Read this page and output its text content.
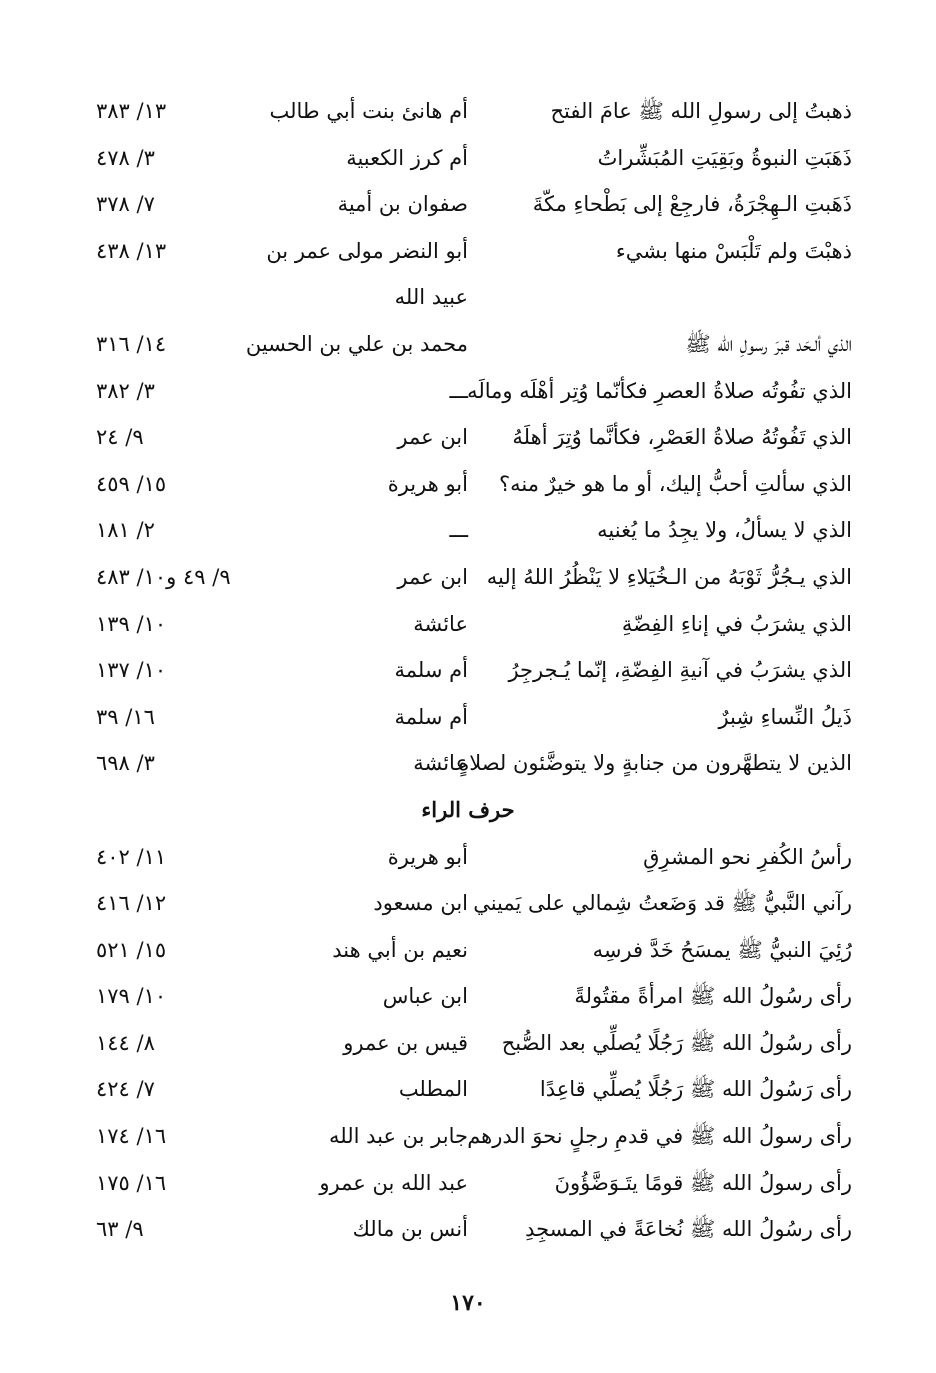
ذهبتُ إلى رسولِ الله ﷺ عامَ الفتح
أم هانئ بنت أبي طالب
١٣/ ٣٨٣
ذَهَبَتِ النبوةُ وبَقِيَتِ المُبَشِّراتُ
أم كرز الكعبية
٣/ ٤٧٨
ذَهَبتِ الـهِجْرَةُ، فارجِعْ إلى بَطْحاءِ مكّةَ
صفوان بن أمية
٧/ ٣٧٨
ذهبْتَ ولم تَلْبَسْ منها بشيء
أبو النضر مولى عمر بن
١٣/ ٤٣٨
عبيد الله
الذي ألـحَد قبرَ رسولِ الله ﷺ
محمد بن علي بن الحسين
١٤/ ٣١٦
الذي تفُوتُه صلاةُ العصرِ فكأنّما وُتِر أهْلَه ومالَه
ـــ
٣/ ٣٨٢
الذي تَفُوتُهُ صلاةُ العَصْرِ، فكأنَّما وُتِرَ أهلَهُ
ابن عمر
٩/ ٢٤
الذي سألتِ أحبُّ إليك، أو ما هو خيرٌ منه؟
أبو هريرة
١٥/ ٤٥٩
الذي لا يسألُ، ولا يجِدُ ما يُغنيه
ـــ
٢/ ١٨١
الذي يـجُرُّ ثَوْبَهُ من الـخُيَلاءِ لا يَنْظُرُ اللهُ إليه
ابن عمر
٩/ ٤٩ و١٠/ ٤٨٣
الذي يشرَبُ في إناءِ الفِضّةِ
عائشة
١٠/ ١٣٩
الذي يشرَبُ في آنيةِ الفِضّةِ، إنّما يُـجرجِرُ
أم سلمة
١٠/ ١٣٧
ذَيلُ النِّساءِ شِبرٌ
أم سلمة
١٦/ ٣٩
الذين لا يتطهَّرون من جنابةٍ ولا يتوضَّئون لصلاةٍ
عائشة
٣/ ٦٩٨
حرف الراء
رأسُ الكُفرِ نحو المشرِقِ
أبو هريرة
١١/ ٤٠٢
رآني النَّبيُّ ﷺ قد وَضَعتُ شِمالي على يَميني
ابن مسعود
١٢/ ٤١٦
رُئِيَ النبيُّ ﷺ يمسَحُ خَدَّ فرسِه
نعيم بن أبي هند
١٥/ ٥٢١
رأى رسُولُ الله ﷺ امرأةً مقتُولةً
ابن عباس
١٠/ ١٧٩
رأى رسُولُ الله ﷺ رَجُلًا يُصلِّي بعد الصُّبح
قيس بن عمرو
٨/ ١٤٤
رأى رَسُولُ الله ﷺ رَجُلًا يُصلِّي قاعِدًا
المطلب
٧/ ٤٢٤
رأى رسولُ الله ﷺ في قدمِ رجلٍ نحوَ الدرهم
جابر بن عبد الله
١٦/ ١٧٤
رأى رسولُ الله ﷺ قومًا يتَـوَضَّؤُونَ
عبد الله بن عمرو
١٦/ ١٧٥
رأى رسُولُ الله ﷺ نُخاعَةً في المسجِدِ
أنس بن مالك
٩/ ٦٣
١٧٠
